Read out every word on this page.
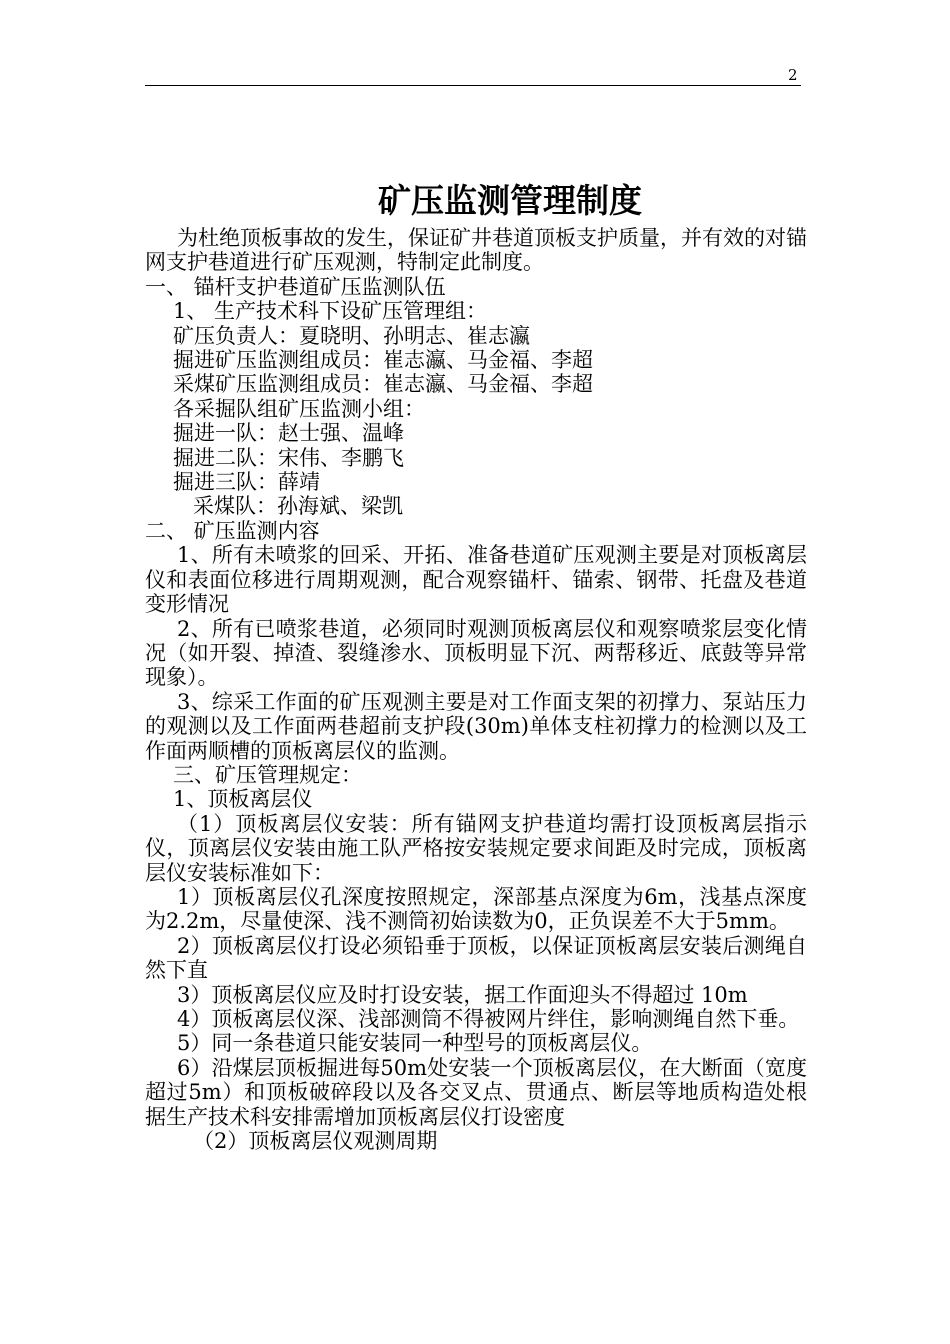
2
矿压监测管理制度

为杜绝顶板事故的发生，保证矿井巷道顶板支护质量，并有效的对锚网支护巷道进行矿压观测，特制定此制度。

一、 锚杆支护巷道矿压监测队伍

1、 生产技术科下设矿压管理组：

矿压负责人：夏晓明、孙明志、崔志瀛

掘进矿压监测组成员：崔志瀛、马金福、李超

采煤矿压监测组成员：崔志瀛、马金福、李超

各采掘队组矿压监测小组：

掘进一队：赵士强、温峰

掘进二队：宋伟、李鹏飞

掘进三队：薛靖

采煤队：孙海斌、梁凯

二、 矿压监测内容

1、所有未喷浆的回采、开拓、准备巷道矿压观测主要是对顶板离层仪和表面位移进行周期观测，配合观察锚杆、锚索、钢带、托盘及巷道变形情况

2、所有已喷浆巷道，必须同时观测顶板离层仪和观察喷浆层变化情况（如开裂、掉渣、裂缝渗水、顶板明显下沉、两帮移近、底鼓等异常现象）。

3、综采工作面的矿压观测主要是对工作面支架的初撑力、泵站压力的观测以及工作面两巷超前支护段(30m)单体支柱初撑力的检测以及工作面两顺槽的顶板离层仪的监测。

三、矿压管理规定：

1、顶板离层仪

（1）顶板离层仪安装：所有锚网支护巷道均需打设顶板离层指示仪，顶离层仪安装由施工队严格按安装规定要求间距及时完成，顶板离层仪安装标准如下：

1）顶板离层仪孔深度按照规定，深部基点深度为6m，浅基点深度为2.2m，尽量使深、浅不测筒初始读数为0，正负误差不大于5mm。

2）顶板离层仪打设必须铅垂于顶板，以保证顶板离层安装后测绳自然下直

3）顶板离层仪应及时打设安装，据工作面迎头不得超过 10m

4）顶板离层仪深、浅部测筒不得被网片绊住，影响测绳自然下垂。

5）同一条巷道只能安装同一种型号的顶板离层仪。

6）沿煤层顶板掘进每50m处安装一个顶板离层仪，在大断面（宽度超过5m）和顶板破碎段以及各交叉点、贯通点、断层等地质构造处根据生产技术科安排需增加顶板离层仪打设密度

（2）顶板离层仪观测周期
